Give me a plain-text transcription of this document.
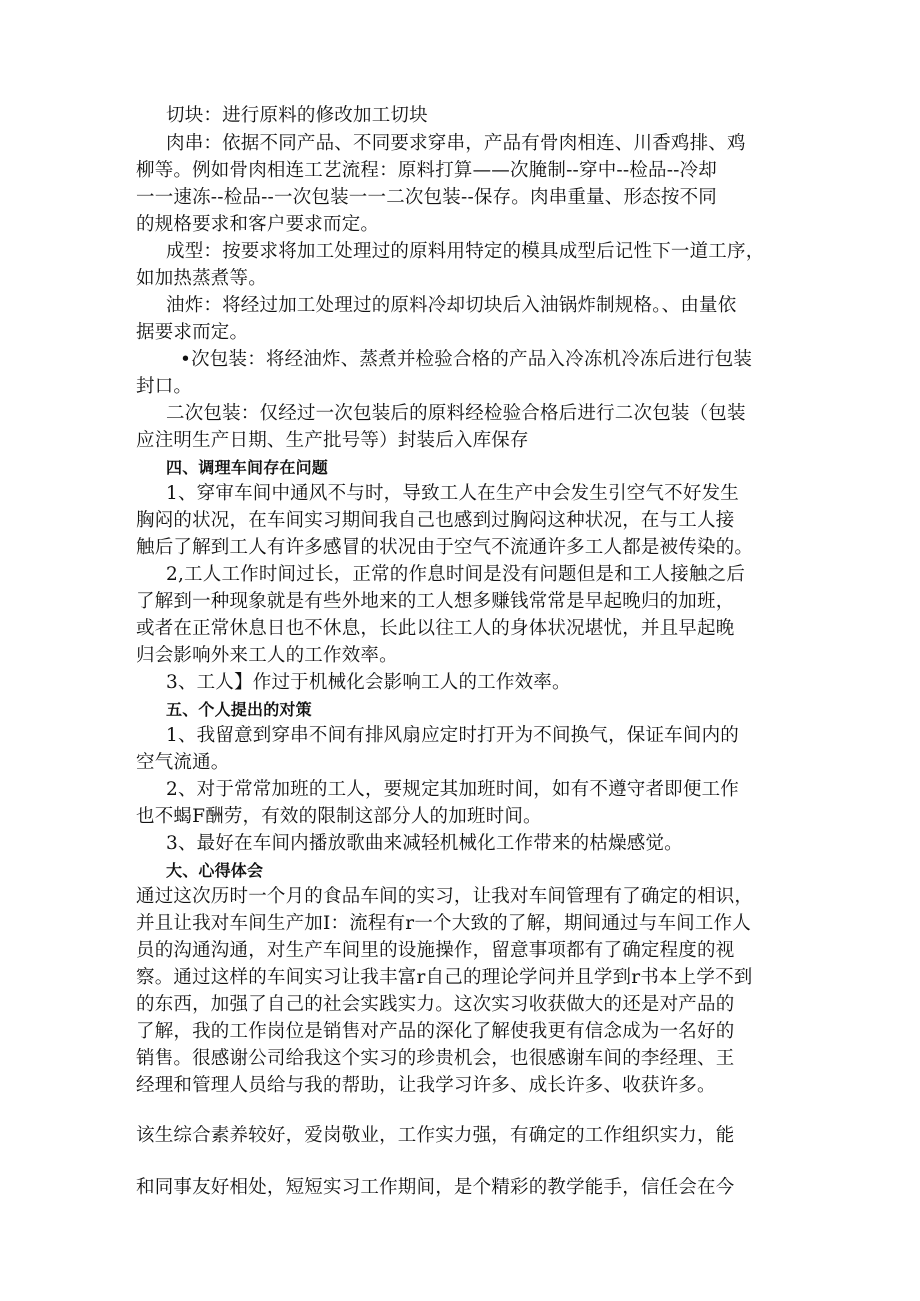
切块：进行原料的修改加工切块
肉串：依据不同产品、不同要求穿串，产品有骨肉相连、川香鸡排、鸡
柳等。例如骨肉相连工艺流程：原料打算——次腌制--穿中--检品--冷却
一一速冻--检品--一次包装一一二次包装--保存。肉串重量、形态按不同
的规格要求和客户要求而定。
成型：按要求将加工处理过的原料用特定的模具成型后记性下一道工序，
如加热蒸煮等。
油炸：将经过加工处理过的原料冷却切块后入油锅炸制规格。、由量依
据要求而定。
•次包装：将经油炸、蒸煮并检验合格的产品入冷冻机冷冻后进行包装
封口。
二次包装：仅经过一次包装后的原料经检验合格后进行二次包装（包装
应注明生产日期、生产批号等）封装后入库保存
四、调理车间存在问题
1、穿审车间中通风不与时，导致工人在生产中会发生引空气不好发生
胸闷的状况，在车间实习期间我自己也感到过胸闷这种状况，在与工人接
触后了解到工人有许多感冒的状况由于空气不流通许多工人都是被传染的。
2,工人工作时间过长，正常的作息时间是没有问题但是和工人接触之后
了解到一种现象就是有些外地来的工人想多赚钱常常是早起晚归的加班，
或者在正常休息日也不休息，长此以往工人的身体状况堪忧，并且早起晚
归会影响外来工人的工作效率。
3、工人】作过于机械化会影响工人的工作效率。
五、个人提出的对策
1、我留意到穿串不间有排风扇应定时打开为不间换气，保证车间内的
空气流通。
2、对于常常加班的工人，要规定其加班时间，如有不遵守者即便工作
也不蝎F酬劳，有效的限制这部分人的加班时间。
3、最好在车间内播放歌曲来减轻机械化工作带来的枯燥感觉。
大、心得体会
通过这次历时一个月的食品车间的实习，让我对车间管理有了确定的相识，
并且让我对车间生产加I：流程有r一个大致的了解，期间通过与车间工作人
员的沟通沟通，对生产车间里的设施操作，留意事项都有了确定程度的视
察。通过这样的车间实习让我丰富r自己的理论学问并且学到r书本上学不到
的东西，加强了自己的社会实践实力。这次实习收获做大的还是对产品的
了解，我的工作岗位是销售对产品的深化了解使我更有信念成为一名好的
销售。很感谢公司给我这个实习的珍贵机会，也很感谢车间的李经理、王
经理和管理人员给与我的帮助，让我学习许多、成长许多、收获许多。
该生综合素养较好，爱岗敬业，工作实力强，有确定的工作组织实力，能
和同事友好相处，短短实习工作期间，是个精彩的教学能手，信任会在今
